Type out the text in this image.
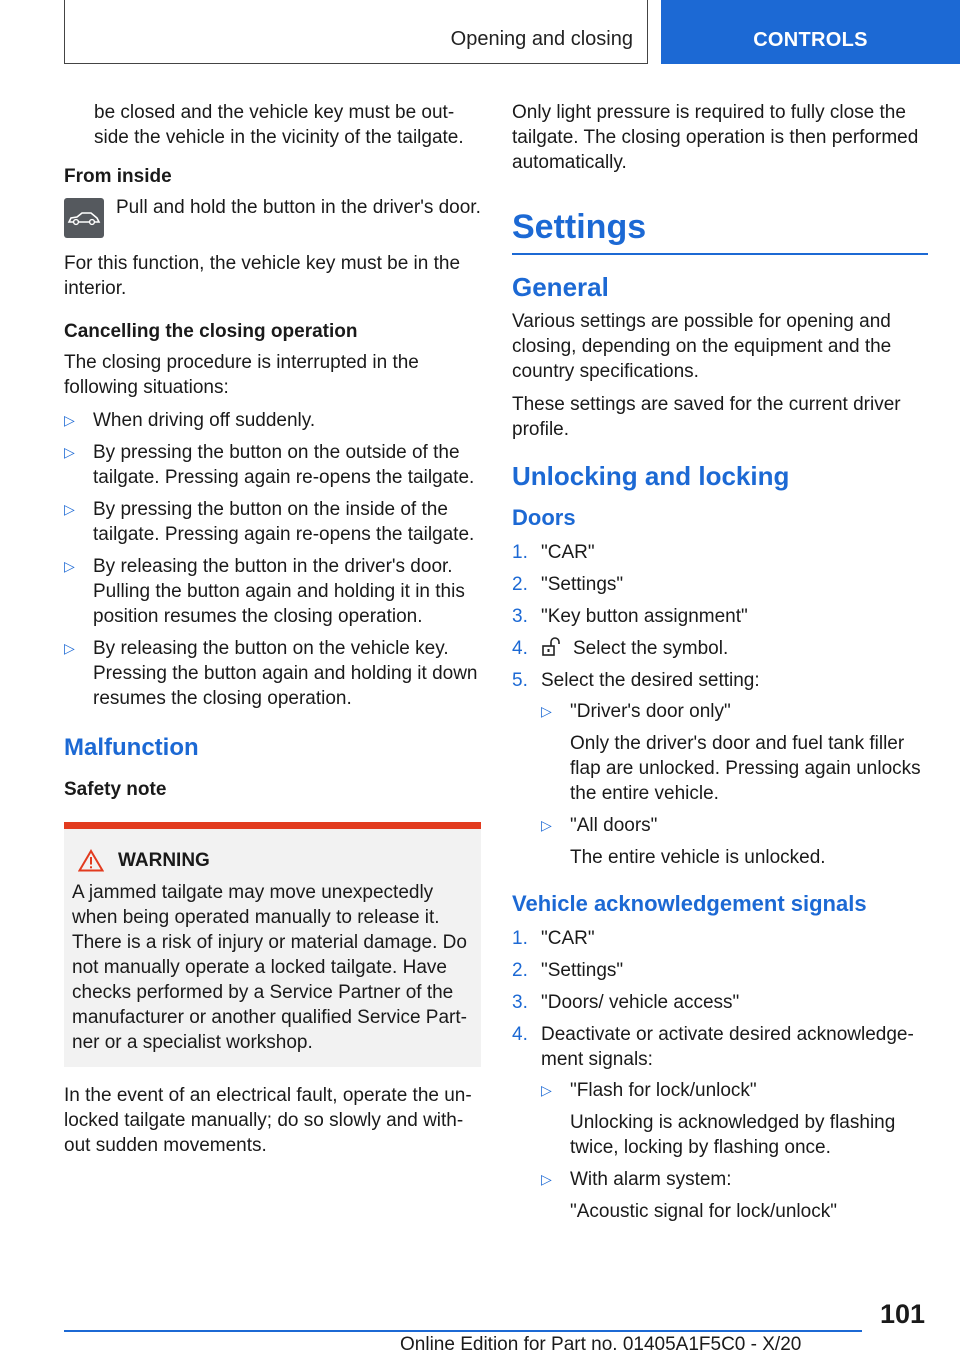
Opening and closing	CONTROLS

be closed and the vehicle key must be outside the vehicle in the vicinity of the tailgate.

From inside

Pull and hold the button in the driver's door.

For this function, the vehicle key must be in the interior.

Cancelling the closing operation

The closing procedure is interrupted in the following situations:

▷ When driving off suddenly.
▷ By pressing the button on the outside of the tailgate. Pressing again re‑opens the tailgate.
▷ By pressing the button on the inside of the tailgate. Pressing again re‑opens the tailgate.
▷ By releasing the button in the driver's door. Pulling the button again and holding it in this position resumes the closing operation.
▷ By releasing the button on the vehicle key. Pressing the button again and holding it down resumes the closing operation.
Malfunction

Safety note

WARNING

A jammed tailgate may move unexpectedly when being operated manually to release it. There is a risk of injury or material damage. Do not manually operate a locked tailgate. Have checks performed by a Service Partner of the manufacturer or another qualified Service Partner or a specialist workshop.

In the event of an electrical fault, operate the unlocked tailgate manually; do so slowly and without sudden movements.

Only light pressure is required to fully close the tailgate. The closing operation is then performed automatically.

Settings
General

Various settings are possible for opening and closing, depending on the equipment and the country specifications.

These settings are saved for the current driver profile.

Unlocking and locking
Doors
1. "CAR"
2. "Settings"
3. "Key button assignment"
4. Select the symbol.
5. Select the desired setting:
▷ "Driver's door only"
Only the driver's door and fuel tank filler flap are unlocked. Pressing again unlocks the entire vehicle.
▷ "All doors"
The entire vehicle is unlocked.
Vehicle acknowledgement signals
1. "CAR"
2. "Settings"
3. "Doors/ vehicle access"
4. Deactivate or activate desired acknowledgement signals:
▷ "Flash for lock/unlock"
Unlocking is acknowledged by flashing twice, locking by flashing once.
▷ With alarm system:
"Acoustic signal for lock/unlock"
101
Online Edition for Part no. 01405A1F5C0 - X/20
